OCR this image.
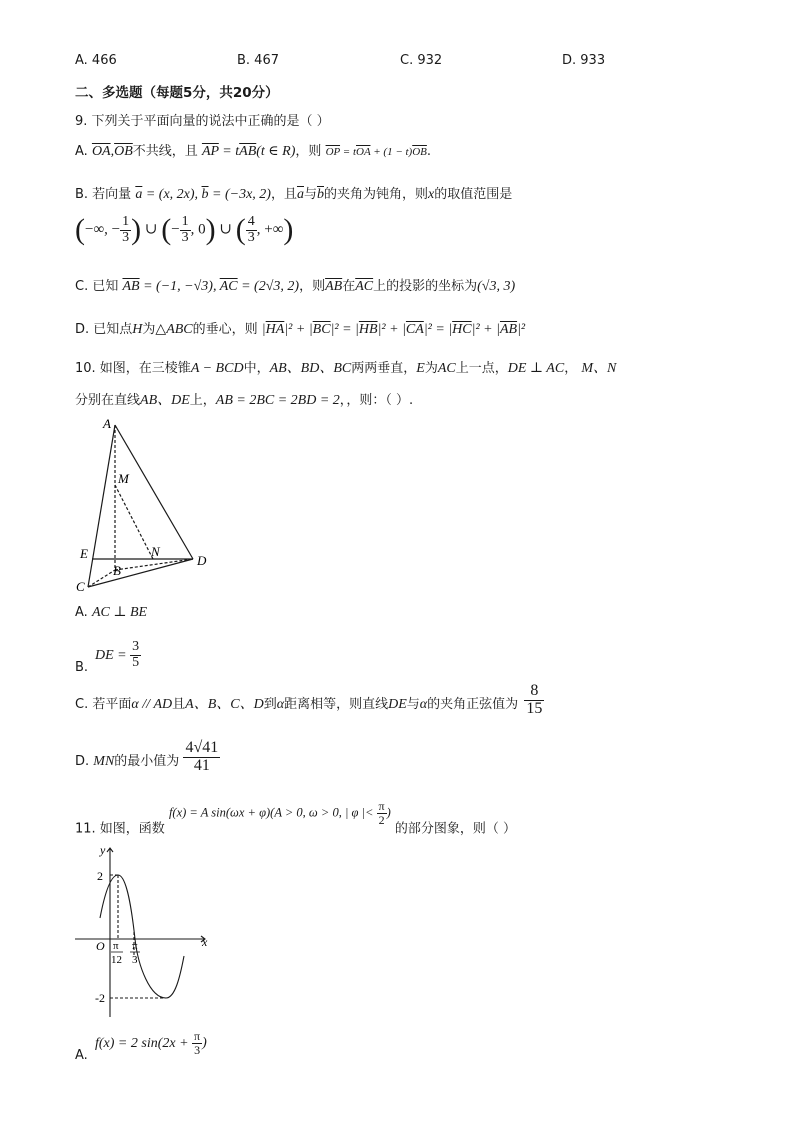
A. 466	B. 467	C. 932	D. 933
二、多选题（每题5分，共20分）
9. 下列关于平面向量的说法中正确的是（ ）
A. $\overline{OA},\overline{OB}$不共线，且 $\overline{AP} = t\overline{AB}(t$ ∈ R)，则 $\overline{OP} = t\overline{OA} + (1 - t)\overline{OB}$.
B. 若向量 $\overline{a} = (x$, 2x), $\overline{b} = (-3x$, 2)，且$\overline{a}$与$\overline{b}$的夹角为钝角，则x的取值范围是
(−∞, − $\frac{1}{3}$ ) ∪ (− $\frac{1}{3}$ , 0) ∪ ( $\frac{4}{3}$ , +∞)
C. 已知 $\overline{AB} = (-1$, −√3), $\overline{AC} = (2√3$, 2)，则$\overline{AB}$在$\overline{AC}$上的投影的坐标为(√3, 3)
D. 已知点H为△ABC的垂心，则 $|\overline{HA}|^2 + |\overline{BC}|^2 = |\overline{HB}|^2 + |\overline{CA}|^2 = |\overline{HC}|^2 + |\overline{AB}|^2$
10. 如图，在三棱锥A − BCD中，AB、BD、BC两两垂直，E为AC上一点，DE ⊥ AC， M、N
分别在直线AB、DE上，AB = 2BC = 2BD = 2，，则：（ ）.
A
M
E	N
B
C
D
A. AC ⊥ BE
B.
DE = $\frac{3}{5}$
C. 若平面α // AD且A、B、C、D到α距离相等，则直线DE与α的夹角正弦值为 $\frac{8}{15}$
D. MN的最小值为 $\frac{4√41}{41}$
11. 如图，函数 f(x) = A sin(ωx + φ)(A > 0, ω > 0, | φ |< $\frac{\pi}{2}$ ) 的部分图象，则（ ）
y
x
O
2
-2
π
12
π
3
A.
f(x) = 2 $\sin(2x + \frac{\pi}{3}$ )
